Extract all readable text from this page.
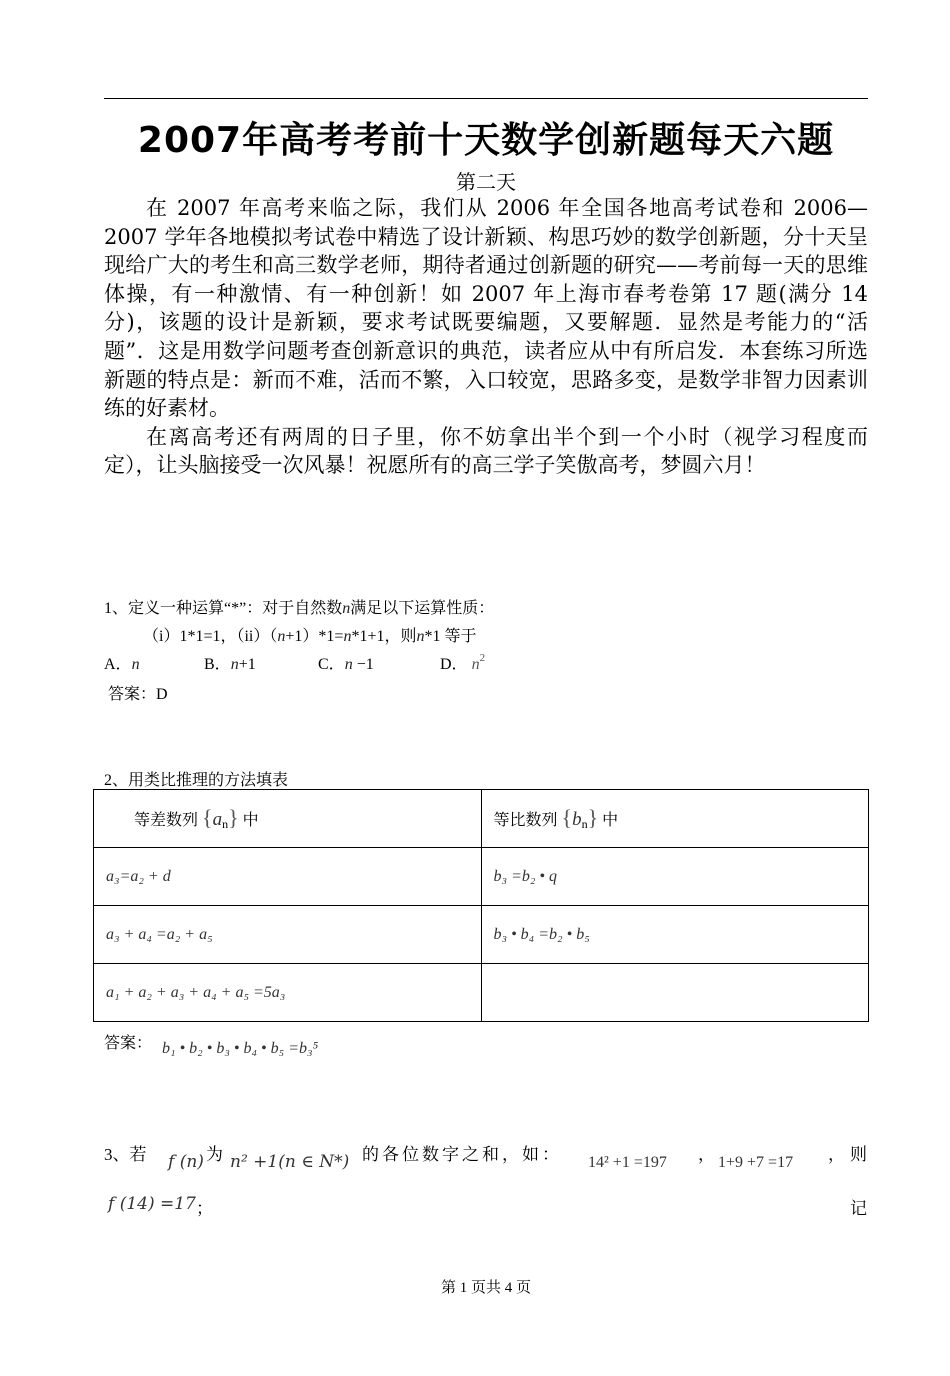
2007年高考考前十天数学创新题每天六题
第二天

在 2007 年高考来临之际，我们从 2006 年全国各地高考试卷和 2006—2007 学年各地模拟考试卷中精选了设计新颖、构思巧妙的数学创新题，分十天呈现给广大的考生和高三数学老师，期待者通过创新题的研究——考前每一天的思维体操，有一种激情、有一种创新！如 2007 年上海市春考卷第 17 题(满分 14 分)，该题的设计是新颖，要求考试既要编题，又要解题．显然是考能力的“活题”．这是用数学问题考查创新意识的典范，读者应从中有所启发．本套练习所选新题的特点是：新而不难，活而不繁，入口较宽，思路多变，是数学非智力因素训练的好素材。

在离高考还有两周的日子里，你不妨拿出半个到一个小时（视学习程度而定），让头脑接受一次风暴！祝愿所有的高三学子笑傲高考，梦圆六月！

1、定义一种运算“*”：对于自然数n满足以下运算性质：
（i）1*1=1，（ii）（n+1）*1=n*1+1，则n*1 等于
A．n	B．n+1	C．n −1	D． $n^2$
答案：D
2、用类比推理的方法填表
等差数列 $\{a_n\}$ 中	等比数列 $\{b_n\}$ 中
a₃=a₂ + d	b₃ =b₂ • q
a₃ + a₄ =a₂ + a₅	b₃ • b₄ =b₂ • b₅
a₁ + a₂ + a₃ + a₄ + a₅ =5a₃	
答案： b₁ • b₂ • b₃ • b₄ • b₅ =b₃⁵
3、若 f (n) 为 n² +1(n ∈ N*) 的各位数字之和，如： 14² +1 =197 ， 1+9 +7 =17 ， 则
f (14) =17 ；	记
第 1 页共 4 页
